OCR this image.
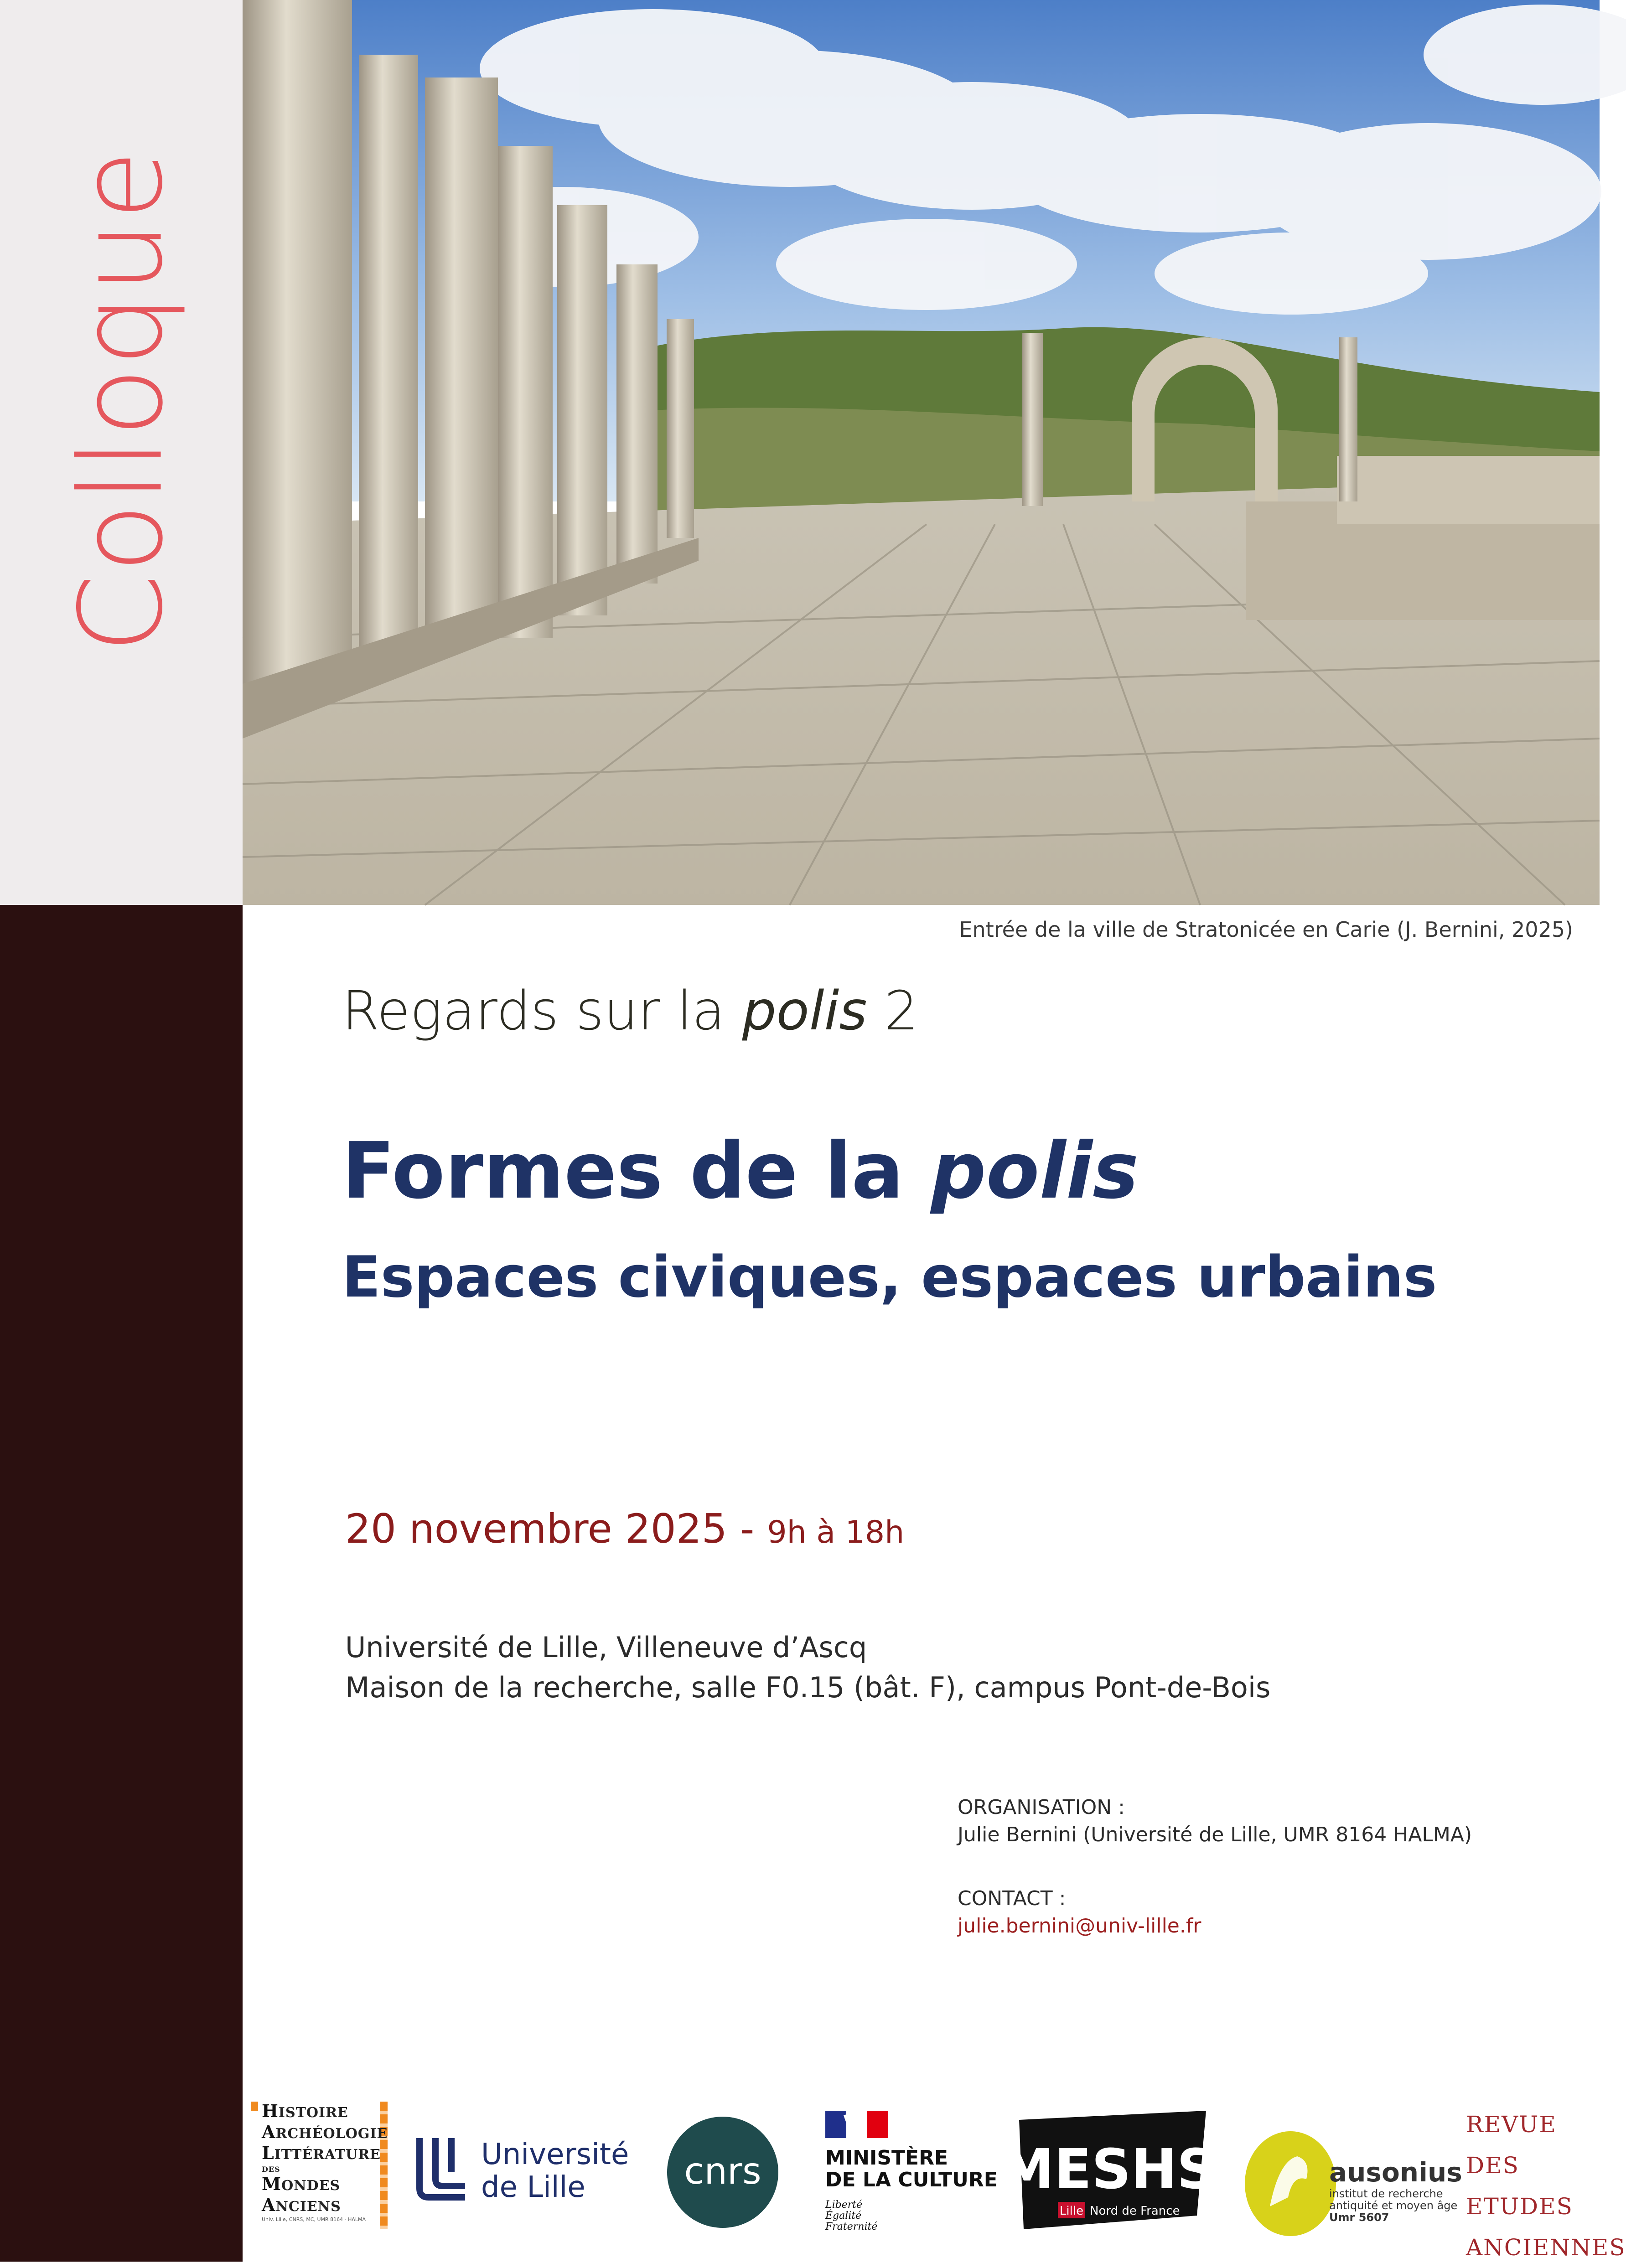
Colloque
Entrée de la ville de Stratonicée en Carie (J. Bernini, 2025)
Regards sur la polis 2
Formes de la polis
Espaces civiques, espaces urbains
20 novembre 2025 - 9h à 18h
Université de Lille, Villeneuve d’Ascq
Maison de la recherche, salle F0.15 (bât. F), campus Pont-de-Bois
ORGANISATION :
Julie Bernini (Université de Lille, UMR 8164 HALMA)
CONTACT :
julie.bernini@univ-lille.fr
HISTOIRE
ARCHÉOLOGIE
LITTÉRATURE
DES
MONDES
ANCIENS
Univ. Lille, CNRS, MC, UMR 8164 - HALMA
Université
de Lille	cnrs	MINISTÈRE
DE LA CULTURE
Liberté
Égalité
Fraternité
MESHS
Lille Nord de France
ausonius
institut de recherche
antiquité et moyen âge
Umr 5607
REVUE DES
ETUDES
ANCIENNES
